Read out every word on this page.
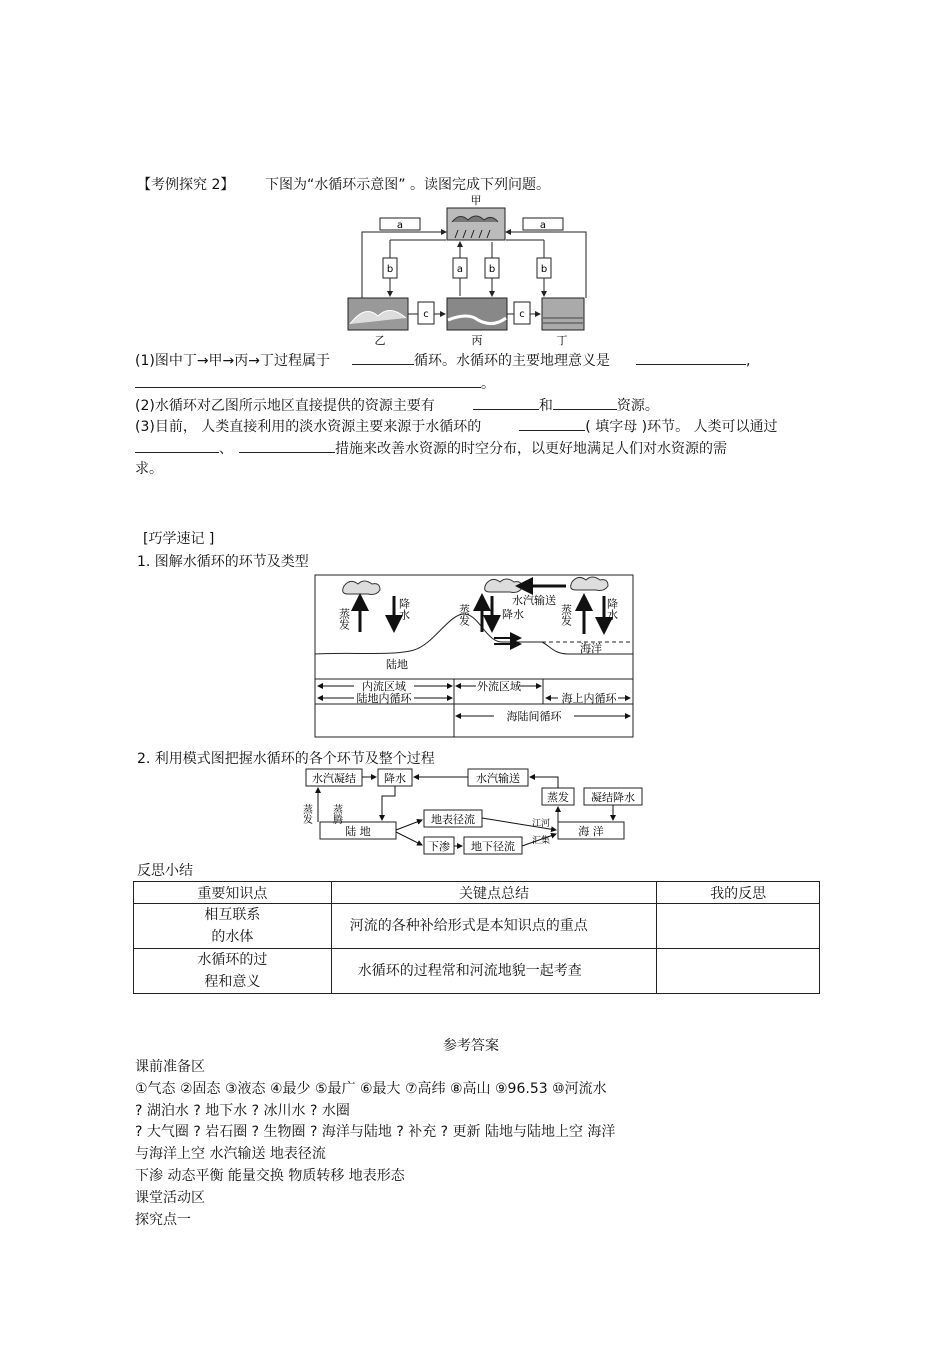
【考例探究 2】 下图为“水循环示意图” 。读图完成下列问题。
甲
乙	丙	丁
a	a
b	a	b	b
c	c
(1)图中丁→甲→丙→丁过程属于	循环。水循环的主要地理意义是	,
。
(2)水循环对乙图所示地区直接提供的资源主要有	和	资源。
(3)目前， 人类直接利用的淡水资源主要来源于水循环的	( 填字母 )环节。 人类可以通过
、	措施来改善水资源的时空分布，以更好地满足人们对水资源的需
求。
[巧学速记 ]
1. 图解水循环的环节及类型
蒸发	降水	蒸发	降水
水汽输送
蒸发	降水
陆地
海洋
内流区域	外流区域
陆地内循环	海上内循环
海陆间循环
2. 利用模式图把握水循环的各个环节及整个过程
水汽凝结	降水	水汽输送
蒸发 凝结降水
陆 地
地表径流
海 洋
下渗 地下径流
蒸发 蒸腾	江河
汇集
反思小结
重要知识点	关键点总结	我的反思
相互联系
的水体	河流的各种补给形式是本知识点的重点	
水循环的过
程和意义	水循环的过程常和河流地貌一起考查	
参考答案
课前准备区
①气态 ②固态 ③液态 ④最少 ⑤最广 ⑥最大 ⑦高纬 ⑧高山 ⑨96.53 ⑩河流水
? 湖泊水 ? 地下水 ? 冰川水 ? 水圈
? 大气圈 ? 岩石圈 ? 生物圈 ? 海洋与陆地 ? 补充 ? 更新 陆地与陆地上空 海洋
与海洋上空 水汽输送 地表径流
下渗 动态平衡 能量交换 物质转移 地表形态
课堂活动区
探究点一
